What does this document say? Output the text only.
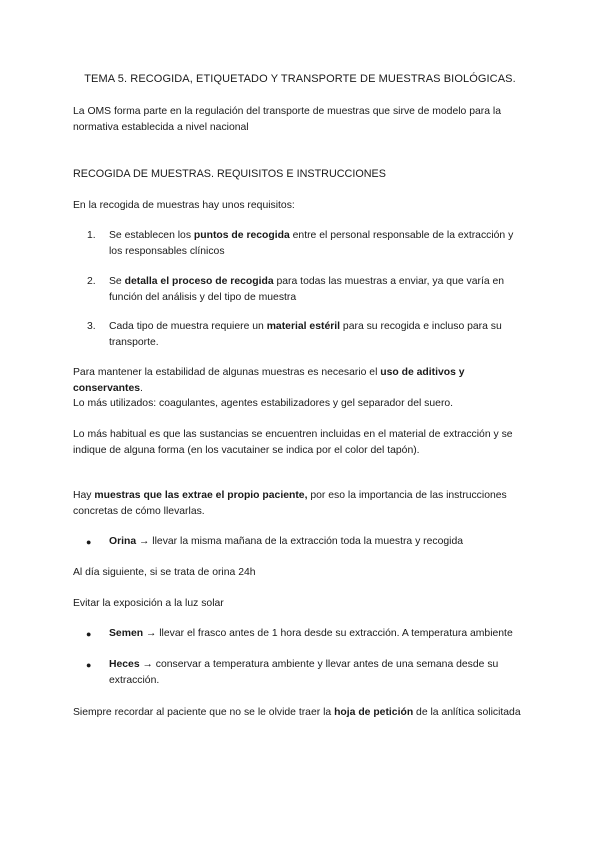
TEMA 5. RECOGIDA, ETIQUETADO Y TRANSPORTE DE MUESTRAS BIOLÓGICAS.

La OMS forma parte en la regulación del transporte de muestras que sirve de modelo para la normativa establecida a nivel nacional

RECOGIDA DE MUESTRAS. REQUISITOS E INSTRUCCIONES

En la recogida de muestras hay unos requisitos:

1. Se establecen los puntos de recogida entre el personal responsable de la extracción y los responsables clínicos
2. Se detalla el proceso de recogida para todas las muestras a enviar, ya que varía en función del análisis y del tipo de muestra
3. Cada tipo de muestra requiere un material estéril para su recogida e incluso para su transporte.

Para mantener la estabilidad de algunas muestras es necesario el uso de aditivos y conservantes.

Lo más utilizados: coagulantes, agentes estabilizadores y gel separador del suero.

Lo más habitual es que las sustancias se encuentren incluidas en el material de extracción y se indique de alguna forma (en los vacutainer se indica por el color del tapón).

Hay muestras que las extrae el propio paciente, por eso la importancia de las instrucciones concretas de cómo llevarlas.

● Orina → llevar la misma mañana de la extracción toda la muestra y recogida

Al día siguiente, si se trata de orina 24h

Evitar la exposición a la luz solar

● Semen → llevar el frasco antes de 1 hora desde su extracción. A temperatura ambiente
● Heces → conservar a temperatura ambiente y llevar antes de una semana desde su extracción.

Siempre recordar al paciente que no se le olvide traer la hoja de petición de la anlítica solicitada
